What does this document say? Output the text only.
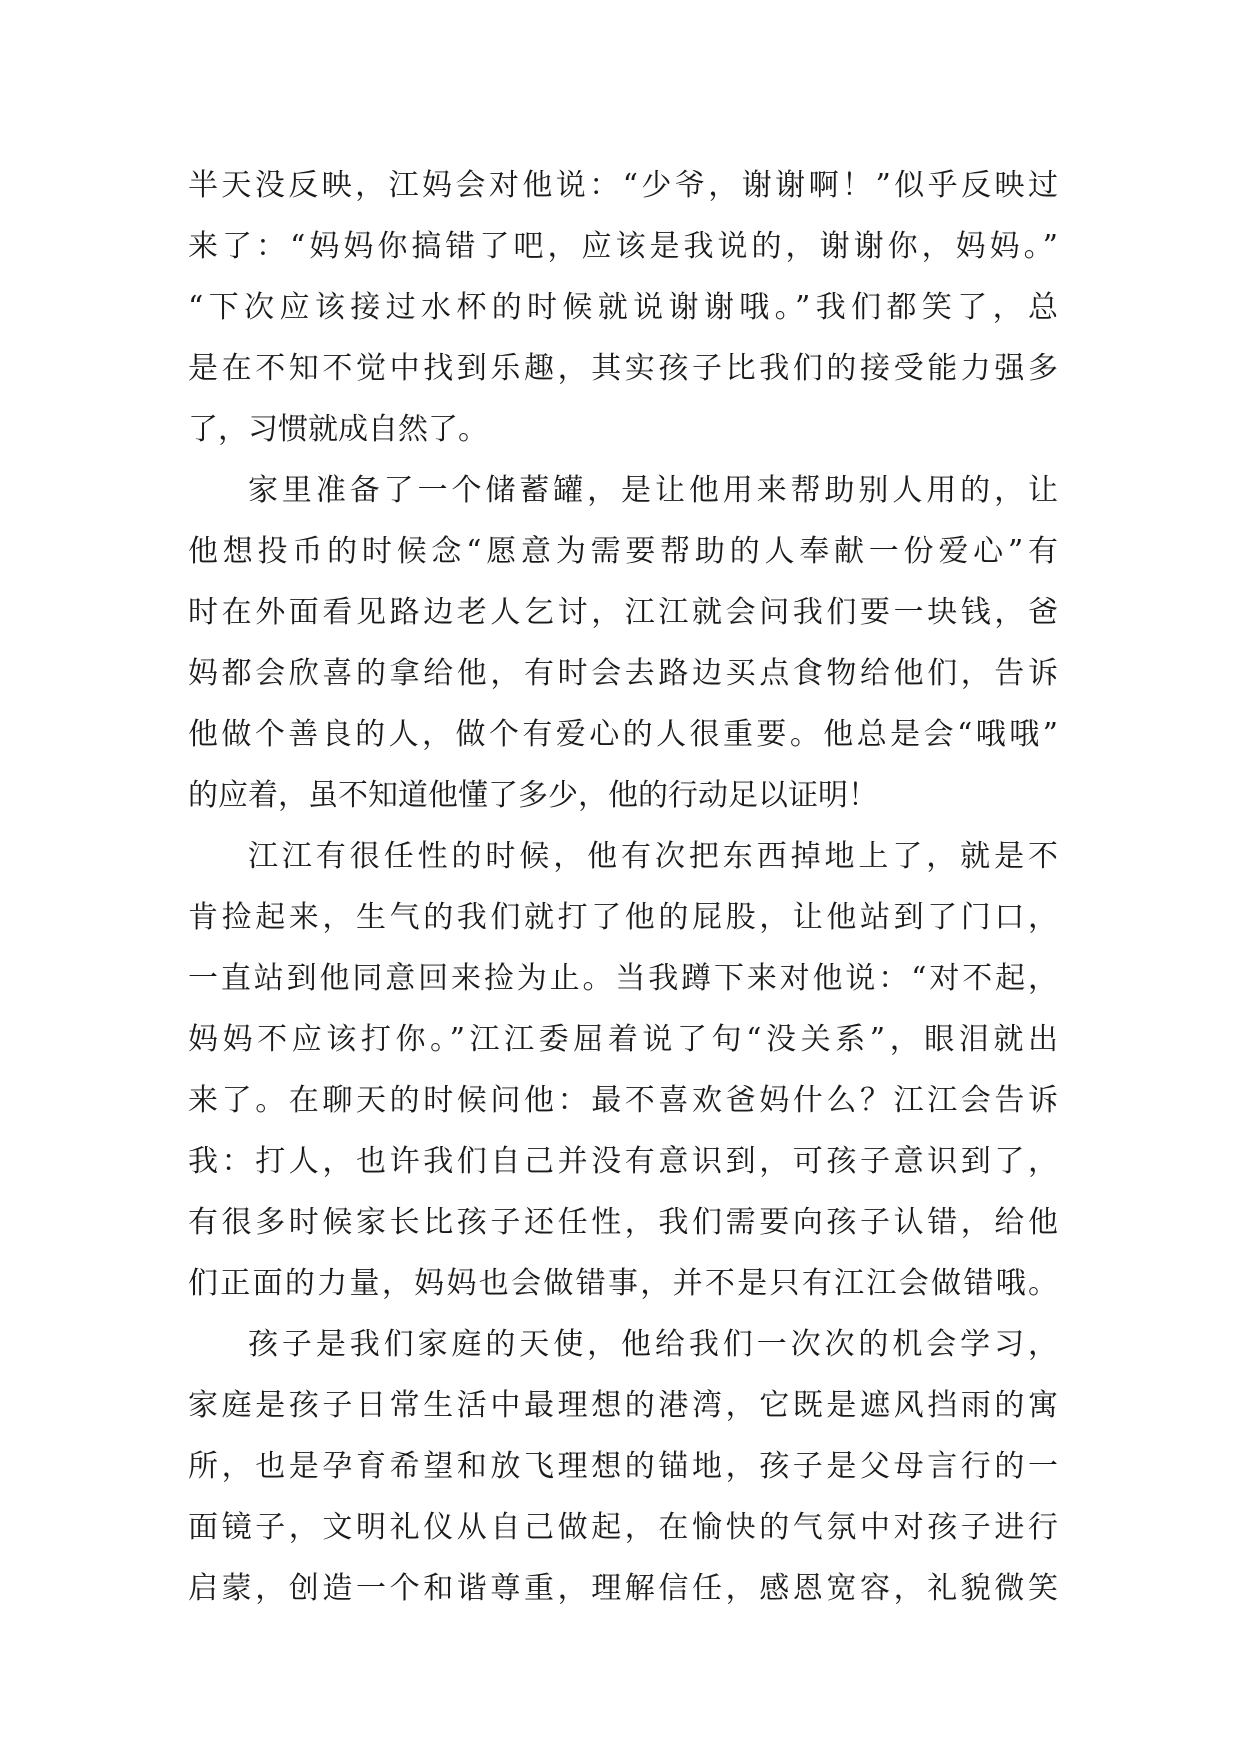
半天没反映，江妈会对他说：“少爷，谢谢啊！”似乎反映过
来了：“妈妈你搞错了吧，应该是我说的，谢谢你，妈妈。”
“下次应该接过水杯的时候就说谢谢哦。”我们都笑了，总
是在不知不觉中找到乐趣，其实孩子比我们的接受能力强多
了，习惯就成自然了。
家里准备了一个储蓄罐，是让他用来帮助别人用的，让
他想投币的时候念“愿意为需要帮助的人奉献一份爱心”有
时在外面看见路边老人乞讨，江江就会问我们要一块钱，爸
妈都会欣喜的拿给他，有时会去路边买点食物给他们，告诉
他做个善良的人，做个有爱心的人很重要。他总是会“哦哦”
的应着，虽不知道他懂了多少，他的行动足以证明！
江江有很任性的时候，他有次把东西掉地上了，就是不
肯捡起来，生气的我们就打了他的屁股，让他站到了门口，
一直站到他同意回来捡为止。当我蹲下来对他说：“对不起，
妈妈不应该打你。”江江委屈着说了句“没关系”，眼泪就出
来了。在聊天的时候问他：最不喜欢爸妈什么？江江会告诉
我：打人，也许我们自己并没有意识到，可孩子意识到了，
有很多时候家长比孩子还任性，我们需要向孩子认错，给他
们正面的力量，妈妈也会做错事，并不是只有江江会做错哦。
孩子是我们家庭的天使，他给我们一次次的机会学习，
家庭是孩子日常生活中最理想的港湾，它既是遮风挡雨的寓
所，也是孕育希望和放飞理想的锚地，孩子是父母言行的一
面镜子，文明礼仪从自己做起，在愉快的气氛中对孩子进行
启蒙，创造一个和谐尊重，理解信任，感恩宽容，礼貌微笑
